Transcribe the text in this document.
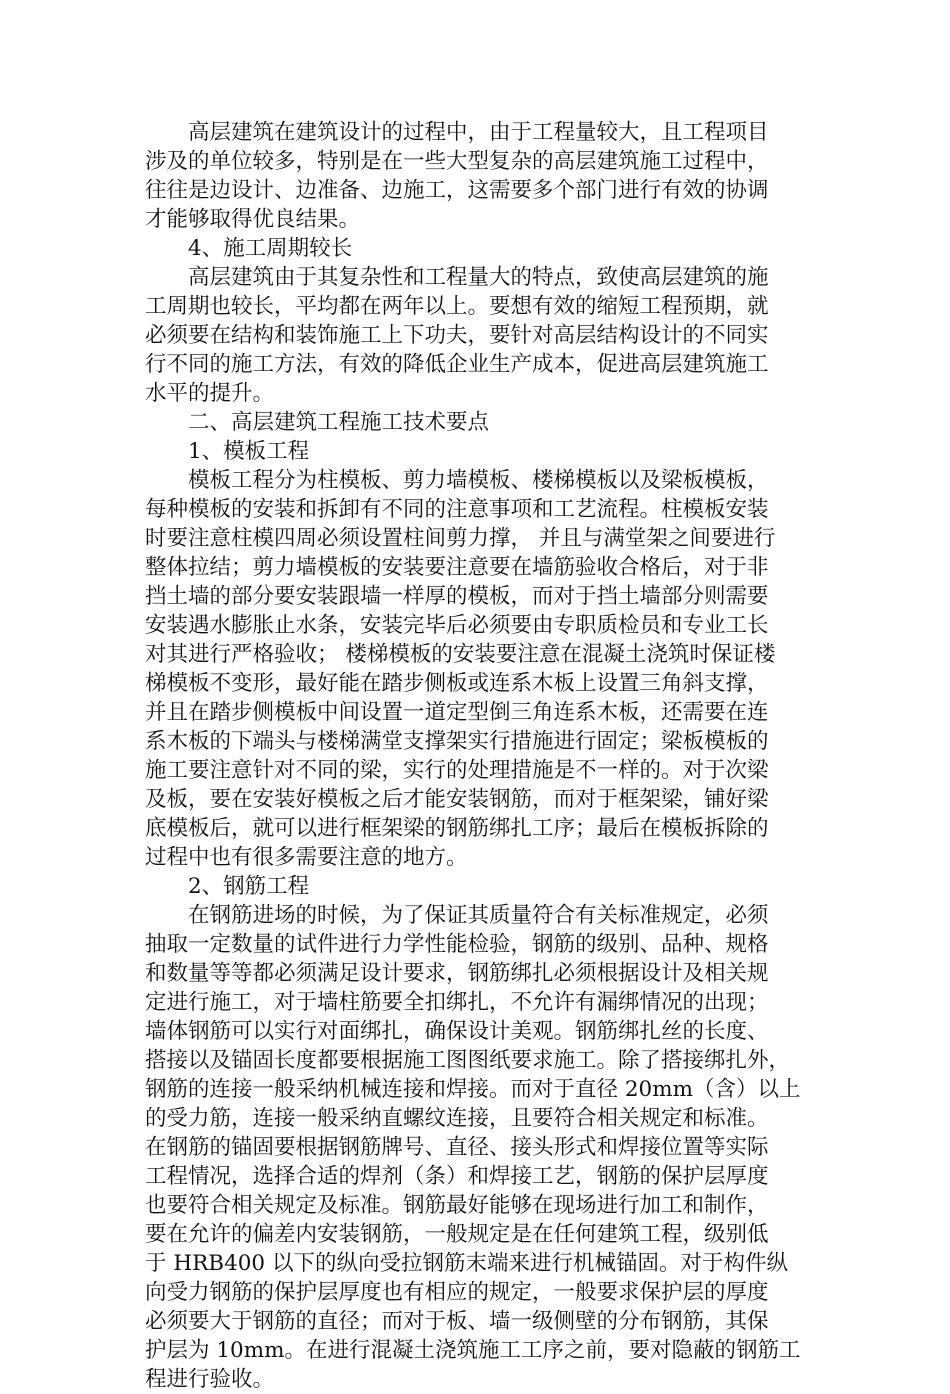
高层建筑在建筑设计的过程中，由于工程量较大，且工程项目
涉及的单位较多，特别是在一些大型复杂的高层建筑施工过程中，
往往是边设计、边准备、边施工，这需要多个部门进行有效的协调
才能够取得优良结果。
4、施工周期较长
高层建筑由于其复杂性和工程量大的特点，致使高层建筑的施
工周期也较长，平均都在两年以上。要想有效的缩短工程预期，就
必须要在结构和装饰施工上下功夫，要针对高层结构设计的不同实
行不同的施工方法，有效的降低企业生产成本，促进高层建筑施工
水平的提升。
二、高层建筑工程施工技术要点
1、模板工程
模板工程分为柱模板、剪力墙模板、楼梯模板以及梁板模板，
每种模板的安装和拆卸有不同的注意事项和工艺流程。柱模板安装
时要注意柱模四周必须设置柱间剪力撑， 并且与满堂架之间要进行
整体拉结；剪力墙模板的安装要注意要在墙筋验收合格后，对于非
挡土墙的部分要安装跟墙一样厚的模板，而对于挡土墙部分则需要
安装遇水膨胀止水条，安装完毕后必须要由专职质检员和专业工长
对其进行严格验收； 楼梯模板的安装要注意在混凝土浇筑时保证楼
梯模板不变形，最好能在踏步侧板或连系木板上设置三角斜支撑，
并且在踏步侧模板中间设置一道定型倒三角连系木板，还需要在连
系木板的下端头与楼梯满堂支撑架实行措施进行固定；梁板模板的
施工要注意针对不同的梁，实行的处理措施是不一样的。对于次梁
及板，要在安装好模板之后才能安装钢筋，而对于框架梁，铺好梁
底模板后，就可以进行框架梁的钢筋绑扎工序；最后在模板拆除的
过程中也有很多需要注意的地方。
2、钢筋工程
在钢筋进场的时候，为了保证其质量符合有关标准规定，必须
抽取一定数量的试件进行力学性能检验，钢筋的级别、品种、规格
和数量等等都必须满足设计要求，钢筋绑扎必须根据设计及相关规
定进行施工，对于墙柱筋要全扣绑扎，不允许有漏绑情况的出现；
墙体钢筋可以实行对面绑扎，确保设计美观。钢筋绑扎丝的长度、
搭接以及锚固长度都要根据施工图图纸要求施工。除了搭接绑扎外，
钢筋的连接一般采纳机械连接和焊接。而对于直径 20mm（含）以上
的受力筋，连接一般采纳直螺纹连接，且要符合相关规定和标准。
在钢筋的锚固要根据钢筋牌号、直径、接头形式和焊接位置等实际
工程情况，选择合适的焊剂（条）和焊接工艺，钢筋的保护层厚度
也要符合相关规定及标准。钢筋最好能够在现场进行加工和制作，
要在允许的偏差内安装钢筋，一般规定是在任何建筑工程，级别低
于 HRB400 以下的纵向受拉钢筋末端来进行机械锚固。对于构件纵
向受力钢筋的保护层厚度也有相应的规定，一般要求保护层的厚度
必须要大于钢筋的直径；而对于板、墙一级侧壁的分布钢筋，其保
护层为 10mm。在进行混凝土浇筑施工工序之前，要对隐蔽的钢筋工
程进行验收。
